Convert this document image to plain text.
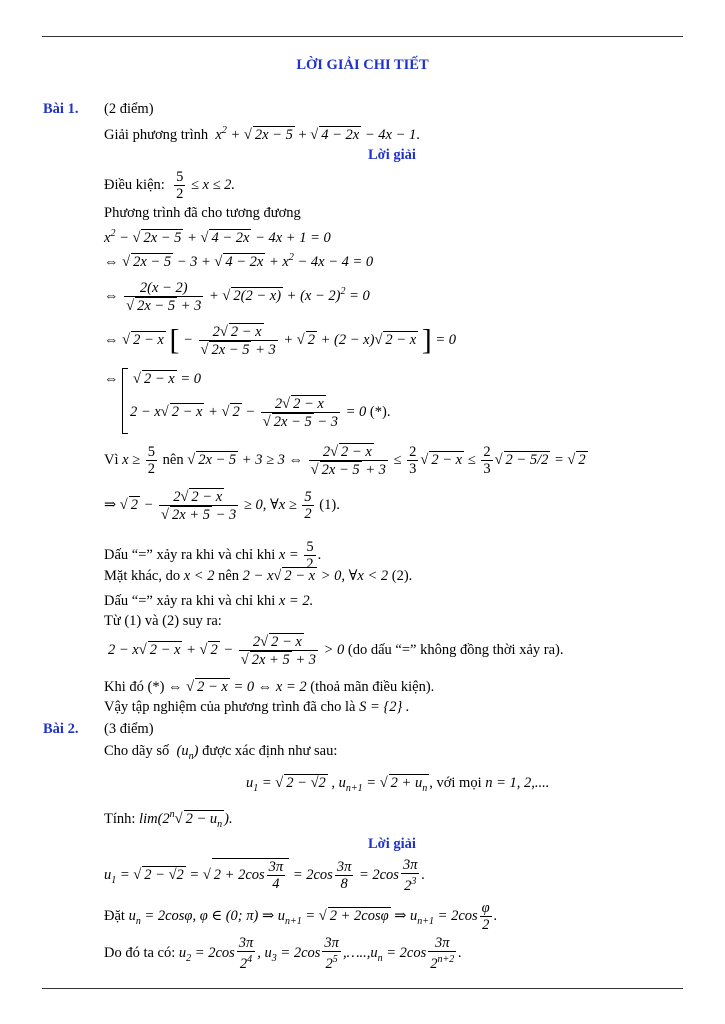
LỜI GIẢI CHI TIẾT
Bài 1. (2 điểm)
Giải phương trình  $x^2$ + √ 2x − 5 + √ 4 − 2x − 4x − 1.
Lời giải
Điều kiện: $\frac{5}{2} \le x \le 2$.
Phương trình đã cho tương đương
$x^2$ − √ 2x − 5 + √ 4 − 2x − 4x + 1 = 0
⇔ √ 2x − 5 − 3 + √ $4 - 2x + x^2 - 4x - 4 = 0$
⇔ 2(x − 2)
√ 2x − 5 + 3 + √ $2(2 - x) + (x - 2)^2 = 0$
⇔ √ 2 − x [ − 2 √ 2 − x
√ 2x − 5 + 3 + √ 2 + (2 − x) √ 2 − x ] = 0
⇔    √ 2 − x = 0
2 − x √ 2 − x + √ 2 − 2 √ 2 − x
√ 2x − 5 − 3 = 0 (*).
Vì $x \ge \frac{5}{2}$ nên √ 2x − 5 + 3 ≥ 3 ⇔ 2 √ 2 − x
√ $2x - 5 + 3 \le \frac{2}{3}$ √ $2 - x \le \frac{2}{3}$ √ 2 − 5/2 = √ 2
⇒ √ 2 − 2 √ 2 − x
√ 2x + 5 − 3 ≥ 0, ∀x ≥ $\frac{5}{2} (1)$.
Dấu “=” xảy ra khi và chỉ khi $x = \frac{5}{2}$ .
Mặt khác, do x < 2 nên 2 − x √ 2 − x > 0, ∀x < 2 (2).
Dấu “=” xảy ra khi và chỉ khi x = 2.
Từ (1) và (2) suy ra:
2 − x √ 2 − x + √ 2 − 2 √ 2 − x
√ 2x + 5 + 3 > 0 (do dấu “=” không đồng thời xảy ra).
Khi đó (*) ⇔ √ 2 − x = 0 ⇔ x = 2 (thoả mãn điều kiện).
Vậy tập nghiệm của phương trình đã cho là S = {2} .
Bài 2. (3 điểm)
Cho dãy số  $(u_n)$ được xác định như sau:
$u_1$ = √ 2 − √ 2 , $u_{n+1}$ = √ $2 + u_n$ , với mọi n = 1, 2,....
Tính: lim(2$^n$ √ $2 - u_n$ ).
Lời giải
$u_1$ = √ 2 − √ 2 = √ $2 + 2\cos \frac{3\pi}{4} = 2\cos \frac{3\pi}{8} = 2\cos \frac{3\pi}{2^3}$ .
Đặt $u_n = 2\cos\varphi$, φ ∈ (0; π) ⇒ $u_{n+1}$ = √ 2 + 2cosφ ⇒ $u_{n+1} = 2\cos \frac{\varphi}{2}$ .
Do đó ta có: $u_2 = 2\cos \frac{3\pi}{2^4}$ , $u_3 = 2\cos \frac{3\pi}{2^5}$ $,\dots..,u_n = 2\cos \frac{3\pi}{2^{n+2}}$ .
